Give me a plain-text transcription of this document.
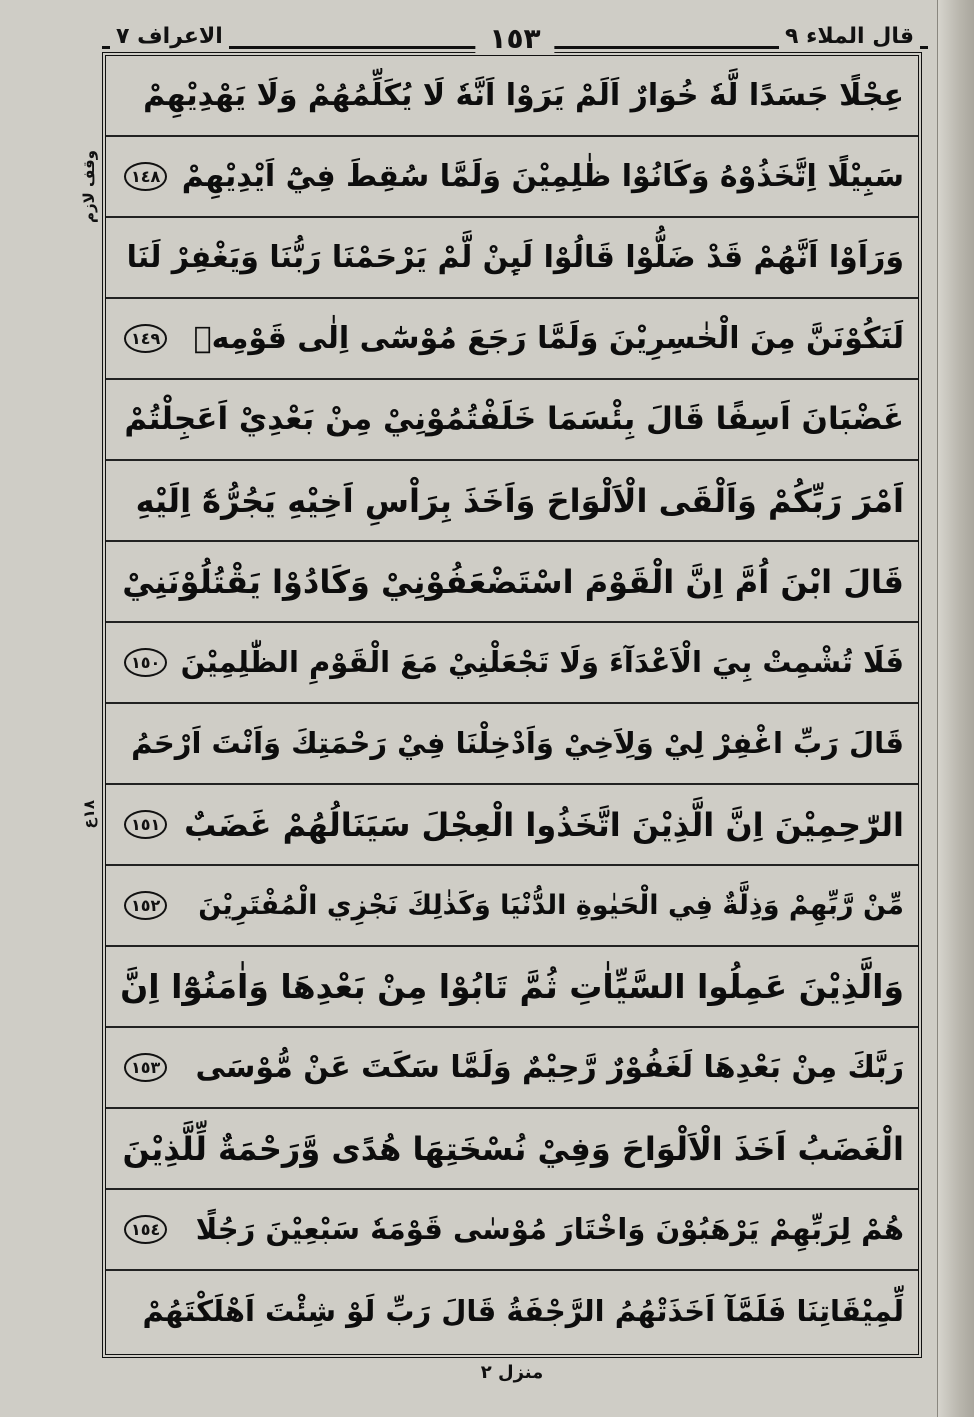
قال الملاء ٩
١٥٣
الاعراف ٧
وقف لازم
١٨ع
عِجْلًا جَسَدًا لَّهٗ خُوَارٌ اَلَمْ يَرَوْا اَنَّهٗ لَا يُكَلِّمُهُمْ وَلَا يَهْدِيْهِمْ
سَبِيْلًا اِتَّخَذُوْهُ وَكَانُوْا ظٰلِمِيْنَ وَلَمَّا سُقِطَ فِيْٓ اَيْدِيْهِمْ
١٤٨
وَرَاَوْا اَنَّهُمْ قَدْ ضَلُّوْا قَالُوْا لَىِٕنْ لَّمْ يَرْحَمْنَا رَبُّنَا وَيَغْفِرْ لَنَا
لَنَكُوْنَنَّ مِنَ الْخٰسِرِيْنَ وَلَمَّا رَجَعَ مُوْسٰٓى اِلٰى قَوْمِهٖ
١٤٩
غَضْبَانَ اَسِفًا قَالَ بِئْسَمَا خَلَفْتُمُوْنِيْ مِنْ بَعْدِيْ اَعَجِلْتُمْ
اَمْرَ رَبِّكُمْ وَاَلْقَى الْاَلْوَاحَ وَاَخَذَ بِرَاْسِ اَخِيْهِ يَجُرُّهٗٓ اِلَيْهِ
قَالَ ابْنَ اُمَّ اِنَّ الْقَوْمَ اسْتَضْعَفُوْنِيْ وَكَادُوْا يَقْتُلُوْنَنِيْ
فَلَا تُشْمِتْ بِيَ الْاَعْدَآءَ وَلَا تَجْعَلْنِيْ مَعَ الْقَوْمِ الظّٰلِمِيْنَ
١٥٠
قَالَ رَبِّ اغْفِرْ لِيْ وَلِاَخِيْ وَاَدْخِلْنَا فِيْ رَحْمَتِكَ وَاَنْتَ اَرْحَمُ
الرّٰحِمِيْنَ اِنَّ الَّذِيْنَ اتَّخَذُوا الْعِجْلَ سَيَنَالُهُمْ غَضَبٌ
١٥١
مِّنْ رَّبِّهِمْ وَذِلَّةٌ فِي الْحَيٰوةِ الدُّنْيَا وَكَذٰلِكَ نَجْزِي الْمُفْتَرِيْنَ
١٥٢
وَالَّذِيْنَ عَمِلُوا السَّيِّاٰتِ ثُمَّ تَابُوْا مِنْ بَعْدِهَا وَاٰمَنُوْٓا اِنَّ
رَبَّكَ مِنْ بَعْدِهَا لَغَفُوْرٌ رَّحِيْمٌ وَلَمَّا سَكَتَ عَنْ مُّوْسَى
١٥٣
الْغَضَبُ اَخَذَ الْاَلْوَاحَ وَفِيْ نُسْخَتِهَا هُدًى وَّرَحْمَةٌ لِّلَّذِيْنَ
هُمْ لِرَبِّهِمْ يَرْهَبُوْنَ وَاخْتَارَ مُوْسٰى قَوْمَهٗ سَبْعِيْنَ رَجُلًا
١٥٤
لِّمِيْقَاتِنَا فَلَمَّآ اَخَذَتْهُمُ الرَّجْفَةُ قَالَ رَبِّ لَوْ شِئْتَ اَهْلَكْتَهُمْ
منزل ٢
